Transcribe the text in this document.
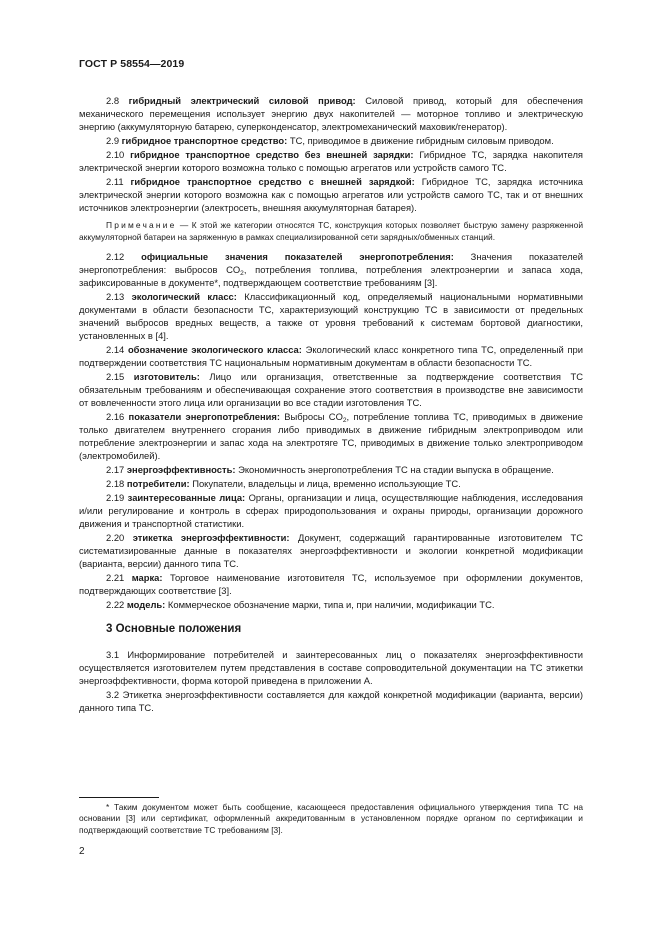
ГОСТ Р 58554—2019

2.8 гибридный электрический силовой привод: Силовой привод, который для обеспечения механического перемещения использует энергию двух накопителей — моторное топливо и электрическую энергию (аккумуляторную батарею, суперконденсатор, электромеханический маховик/генератор).

2.9 гибридное транспортное средство: ТС, приводимое в движение гибридным силовым приводом.

2.10 гибридное транспортное средство без внешней зарядки: Гибридное ТС, зарядка накопителя электрической энергии которого возможна только с помощью агрегатов или устройств самого ТС.

2.11 гибридное транспортное средство с внешней зарядкой: Гибридное ТС, зарядка источника электрической энергии которого возможна как с помощью агрегатов или устройств самого ТС, так и от внешних источников электроэнергии (электросеть, внешняя аккумуляторная батарея).

Примечание — К этой же категории относятся ТС, конструкция которых позволяет быструю замену разряженной аккумуляторной батареи на заряженную в рамках специализированной сети зарядных/обменных станций.

2.12 официальные значения показателей энергопотребления: Значения показателей энергопотребления: выбросов $CO_2$, потребления топлива, потребления электроэнергии и запаса хода, зафиксированные в документе*, подтверждающем соответствие требованиям [3].

2.13 экологический класс: Классификационный код, определяемый национальными нормативными документами в области безопасности ТС, характеризующий конструкцию ТС в зависимости от предельных значений выбросов вредных веществ, а также от уровня требований к системам бортовой диагностики, установленных в [4].

2.14 обозначение экологического класса: Экологический класс конкретного типа ТС, определенный при подтверждении соответствия ТС национальным нормативным документам в области безопасности ТС.

2.15 изготовитель: Лицо или организация, ответственные за подтверждение соответствия ТС обязательным требованиям и обеспечивающая сохранение этого соответствия в производстве вне зависимости от вовлеченности этого лица или организации во все стадии изготовления ТС.

2.16 показатели энергопотребления: Выбросы $CO_2$, потребление топлива ТС, приводимых в движение только двигателем внутреннего сгорания либо приводимых в движение гибридным электроприводом или потребление электроэнергии и запас хода на электротяге ТС, приводимых в движение только электроприводом (электромобилей).

2.17 энергоэффективность: Экономичность энергопотребления ТС на стадии выпуска в обращение.

2.18 потребители: Покупатели, владельцы и лица, временно использующие ТС.

2.19 заинтересованные лица: Органы, организации и лица, осуществляющие наблюдения, исследования и/или регулирование и контроль в сферах природопользования и охраны природы, организации дорожного движения и транспортной статистики.

2.20 этикетка энергоэффективности: Документ, содержащий гарантированные изготовителем ТС систематизированные данные в показателях энергоэффективности и экологии конкретной модификации (варианта, версии) данного типа ТС.

2.21 марка: Торговое наименование изготовителя ТС, используемое при оформлении документов, подтверждающих соответствие [3].

2.22 модель: Коммерческое обозначение марки, типа и, при наличии, модификации ТС.

3 Основные положения

3.1 Информирование потребителей и заинтересованных лиц о показателях энергоэффективности осуществляется изготовителем путем представления в составе сопроводительной документации на ТС этикетки энергоэффективности, форма которой приведена в приложении А.

3.2 Этикетка энергоэффективности составляется для каждой конкретной модификации (варианта, версии) данного типа ТС.

* Таким документом может быть сообщение, касающееся предоставления официального утверждения типа ТС на основании [3] или сертификат, оформленный аккредитованным в установленном порядке органом по сертификации и подтверждающий соответствие ТС требованиям [3].

2
